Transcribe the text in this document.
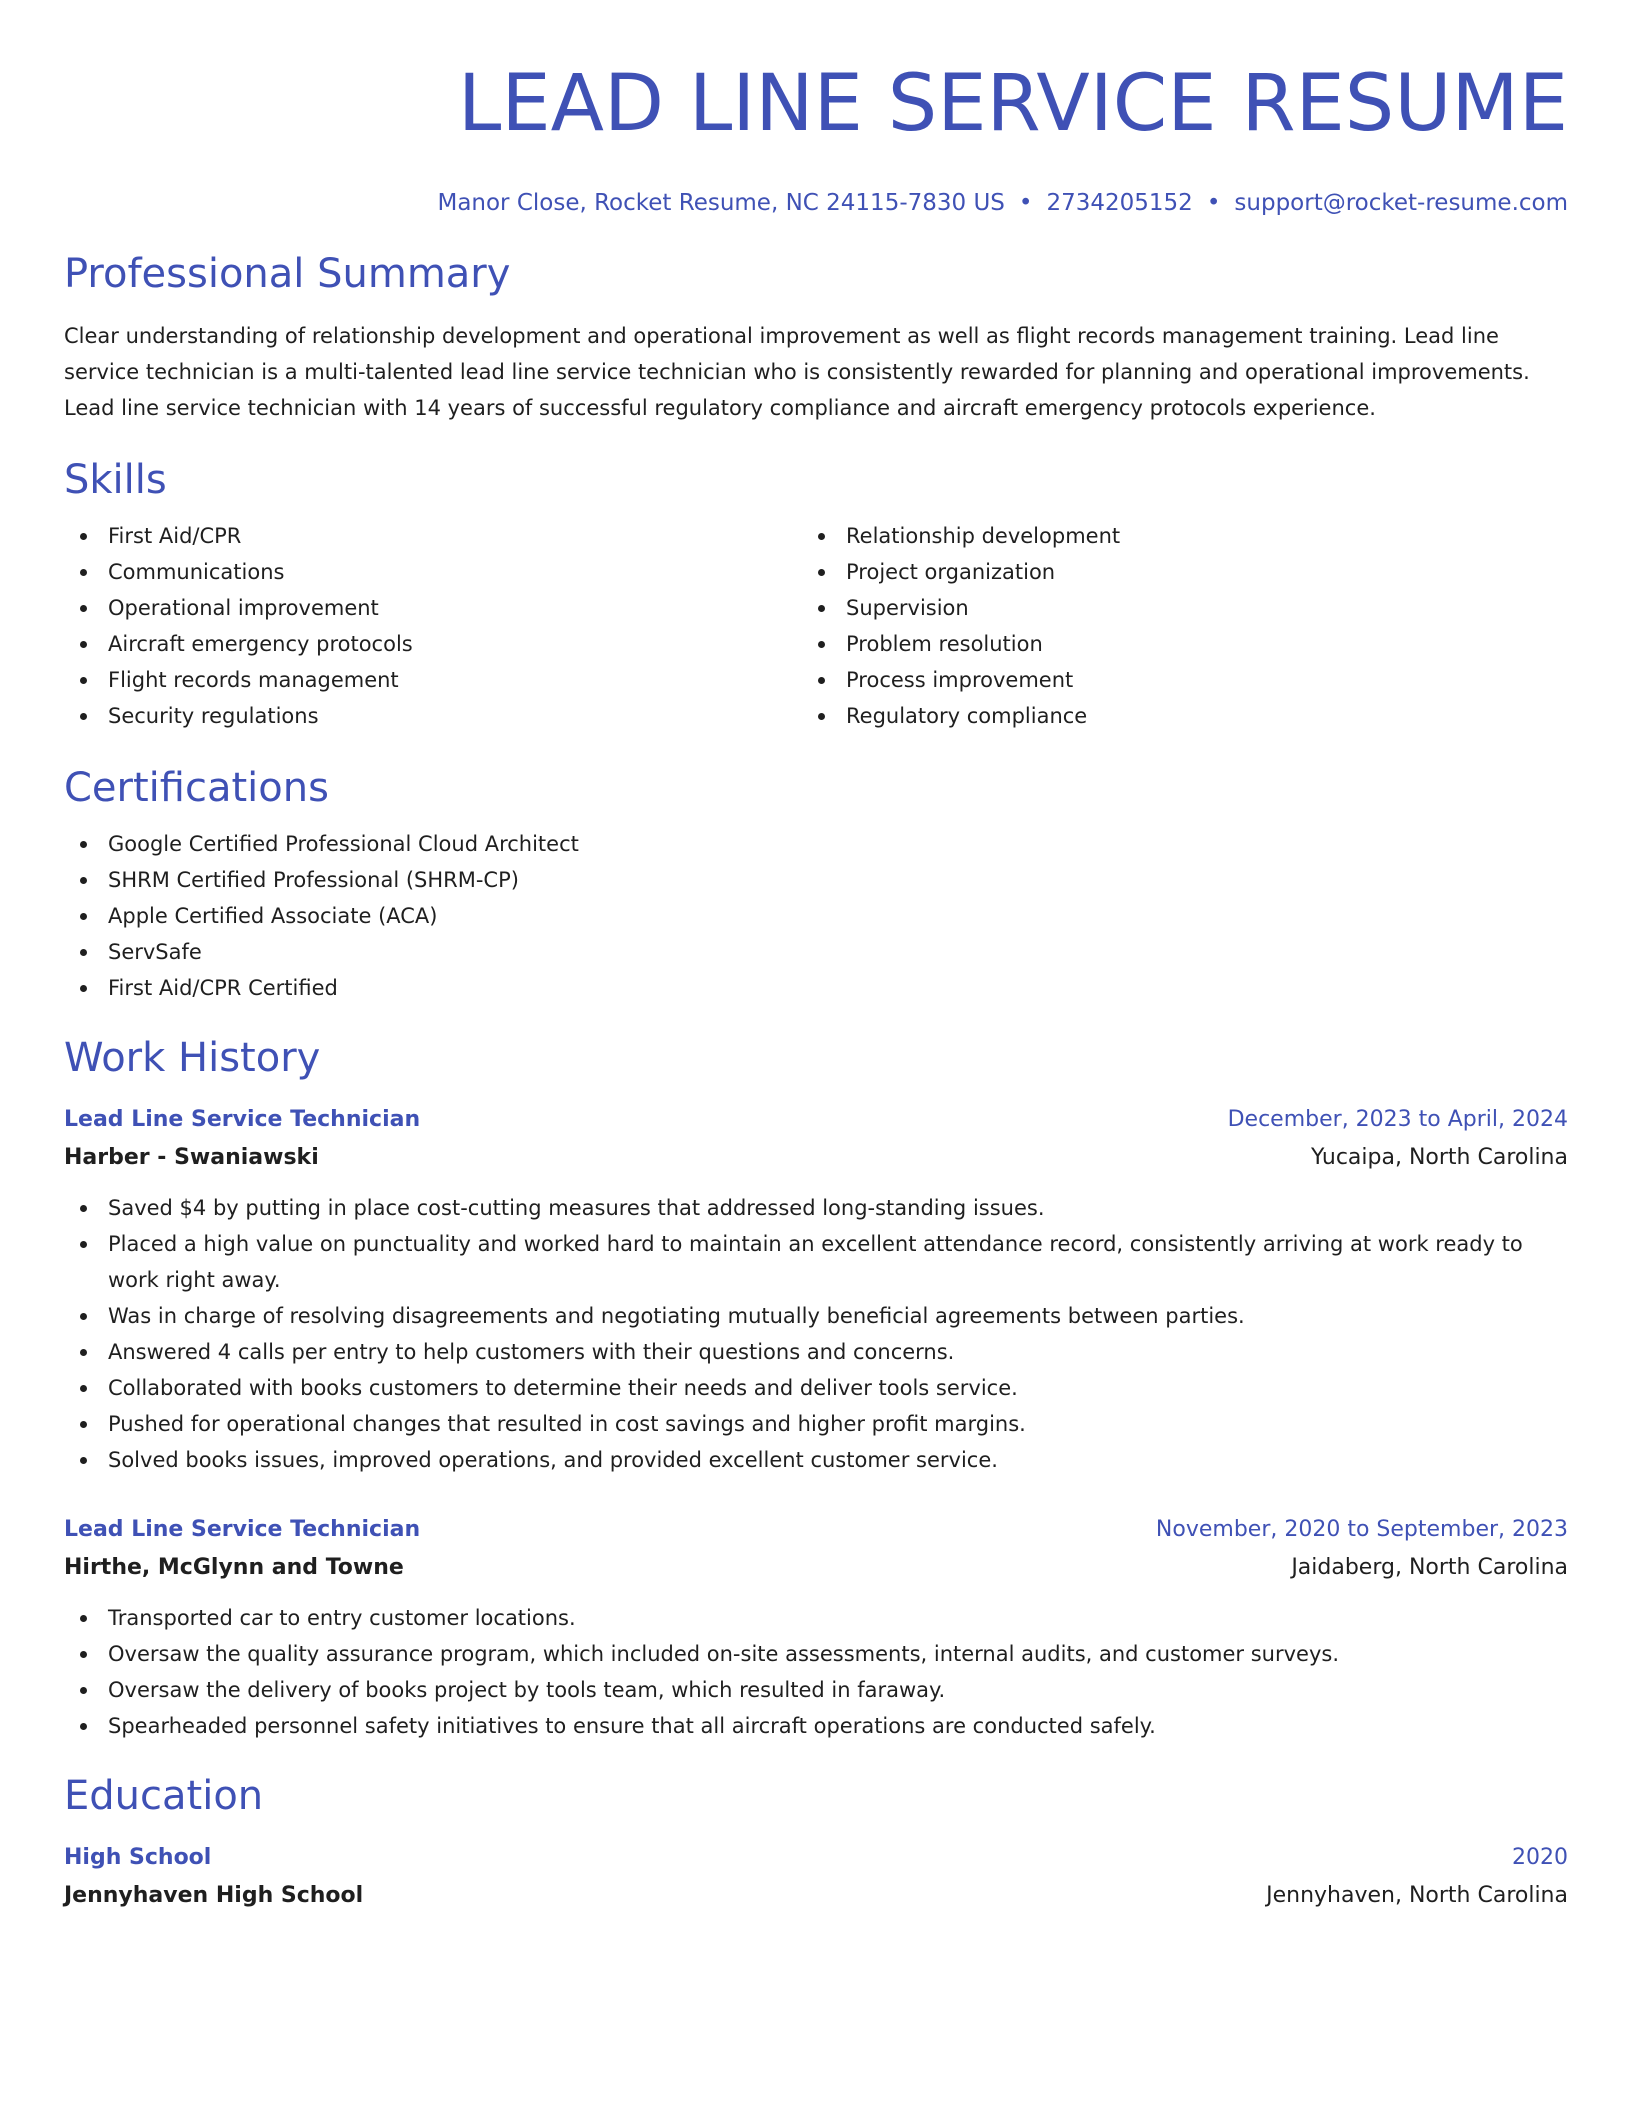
LEAD LINE SERVICE RESUME
Manor Close, Rocket Resume, NC 24115-7830 US • 2734205152 • support@rocket-resume.com
Professional Summary
Clear understanding of relationship development and operational improvement as well as flight records management training. Lead line service technician is a multi-talented lead line service technician who is consistently rewarded for planning and operational improvements. Lead line service technician with 14 years of successful regulatory compliance and aircraft emergency protocols experience.
Skills
First Aid/CPR
Communications
Operational improvement
Aircraft emergency protocols
Flight records management
Security regulations
Relationship development
Project organization
Supervision
Problem resolution
Process improvement
Regulatory compliance
Certifications
Google Certified Professional Cloud Architect
SHRM Certified Professional (SHRM-CP)
Apple Certified Associate (ACA)
ServSafe
First Aid/CPR Certified
Work History
Lead Line Service Technician	December, 2023 to April, 2024
Harber - Swaniawski	Yucaipa, North Carolina
Saved $4 by putting in place cost-cutting measures that addressed long-standing issues.
Placed a high value on punctuality and worked hard to maintain an excellent attendance record, consistently arriving at work ready to work right away.
Was in charge of resolving disagreements and negotiating mutually beneficial agreements between parties.
Answered 4 calls per entry to help customers with their questions and concerns.
Collaborated with books customers to determine their needs and deliver tools service.
Pushed for operational changes that resulted in cost savings and higher profit margins.
Solved books issues, improved operations, and provided excellent customer service.
Lead Line Service Technician	November, 2020 to September, 2023
Hirthe, McGlynn and Towne	Jaidaberg, North Carolina
Transported car to entry customer locations.
Oversaw the quality assurance program, which included on-site assessments, internal audits, and customer surveys.
Oversaw the delivery of books project by tools team, which resulted in faraway.
Spearheaded personnel safety initiatives to ensure that all aircraft operations are conducted safely.
Education
High School	2020
Jennyhaven High School	Jennyhaven, North Carolina
